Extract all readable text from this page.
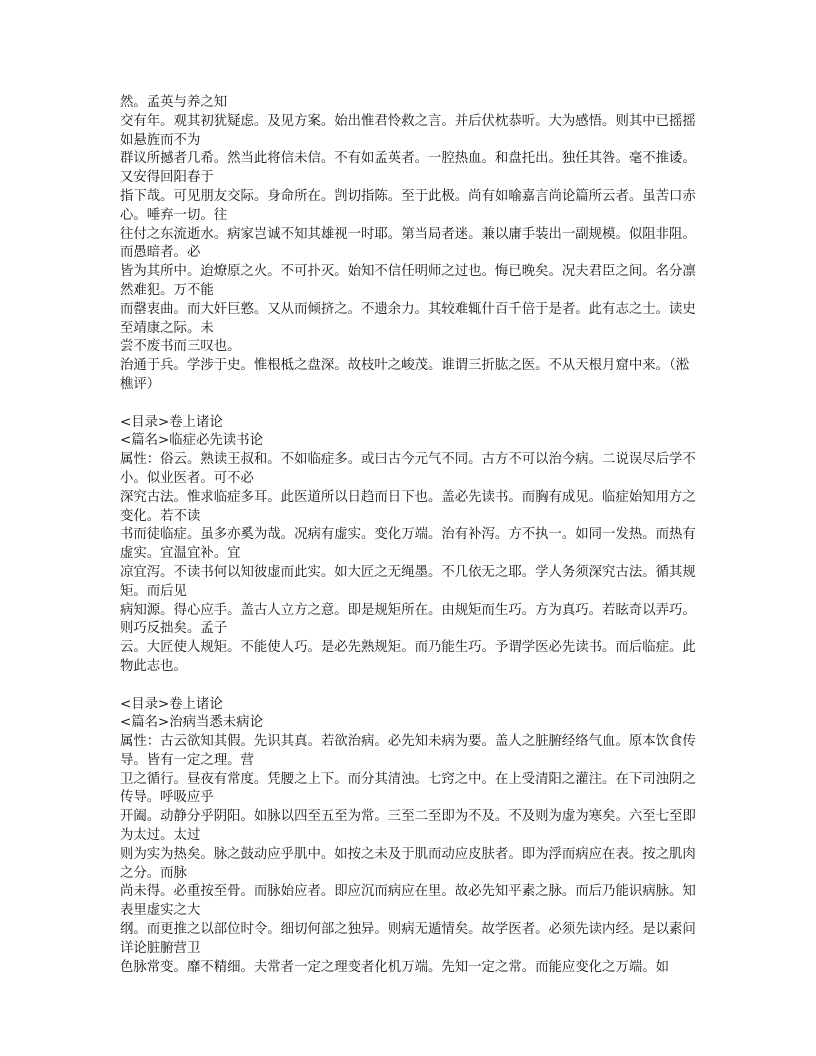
然。孟英与养之知

交有年。观其初犹疑虑。及见方案。始出惟君怜救之言。并后伏枕恭听。大为感悟。则其中已摇摇如悬旌而不为

群议所撼者几希。然当此将信未信。不有如孟英者。一腔热血。和盘托出。独任其咎。毫不推诿。又安得回阳春于

指下哉。可见朋友交际。身命所在。剀切指陈。至于此极。尚有如喻嘉言尚论篇所云者。虽苦口赤心。唾弃一切。往

往付之东流逝水。病家岂诚不知其雄视一时耶。第当局者迷。兼以庸手装出一副规模。似阻非阻。而愚暗者。必

皆为其所中。迨燎原之火。不可扑灭。始知不信任明师之过也。悔已晚矣。况夫君臣之间。名分凛然难犯。万不能

而罄衷曲。而大奸巨憝。又从而倾挤之。不遗余力。其较难辄什百千倍于是者。此有志之士。读史至靖康之际。未

尝不废书而三叹也。

治通于兵。学涉于史。惟根柢之盘深。故枝叶之峻茂。谁谓三折肱之医。不从天根月窟中来。（淞樵评）

<目录>卷上诸论

<篇名>临症必先读书论

属性：俗云。熟读王叔和。不如临症多。或曰古今元气不同。古方不可以治今病。二说误尽后学不小。似业医者。可不必

深究古法。惟求临症多耳。此医道所以日趋而日下也。盖必先读书。而胸有成见。临症始知用方之变化。若不读

书而徒临症。虽多亦奚为哉。况病有虚实。变化万端。治有补泻。方不执一。如同一发热。而热有虚实。宜温宜补。宜

凉宜泻。不读书何以知彼虚而此实。如大匠之无绳墨。不几依无之耶。学人务须深究古法。循其规矩。而后见

病知源。得心应手。盖古人立方之意。即是规矩所在。由规矩而生巧。方为真巧。若眩奇以弄巧。则巧反拙矣。孟子

云。大匠使人规矩。不能使人巧。是必先熟规矩。而乃能生巧。予谓学医必先读书。而后临症。此物此志也。

<目录>卷上诸论

<篇名>治病当悉未病论

属性：古云欲知其假。先识其真。若欲治病。必先知未病为要。盖人之脏腑经络气血。原本饮食传导。皆有一定之理。营

卫之循行。昼夜有常度。凭腰之上下。而分其清浊。七窍之中。在上受清阳之灌注。在下司浊阴之传导。呼吸应乎

开阖。动静分乎阴阳。如脉以四至五至为常。三至二至即为不及。不及则为虚为寒矣。六至七至即为太过。太过

则为实为热矣。脉之鼓动应乎肌中。如按之未及于肌而动应皮肤者。即为浮而病应在表。按之肌肉之分。而脉

尚未得。必重按至骨。而脉始应者。即应沉而病应在里。故必先知平素之脉。而后乃能识病脉。知表里虚实之大

纲。而更推之以部位时令。细切何部之独异。则病无遁情矣。故学医者。必须先读内经。是以素问详论脏腑营卫

色脉常变。靡不精细。夫常者一定之理变者化机万端。先知一定之常。而能应变化之万端。如
